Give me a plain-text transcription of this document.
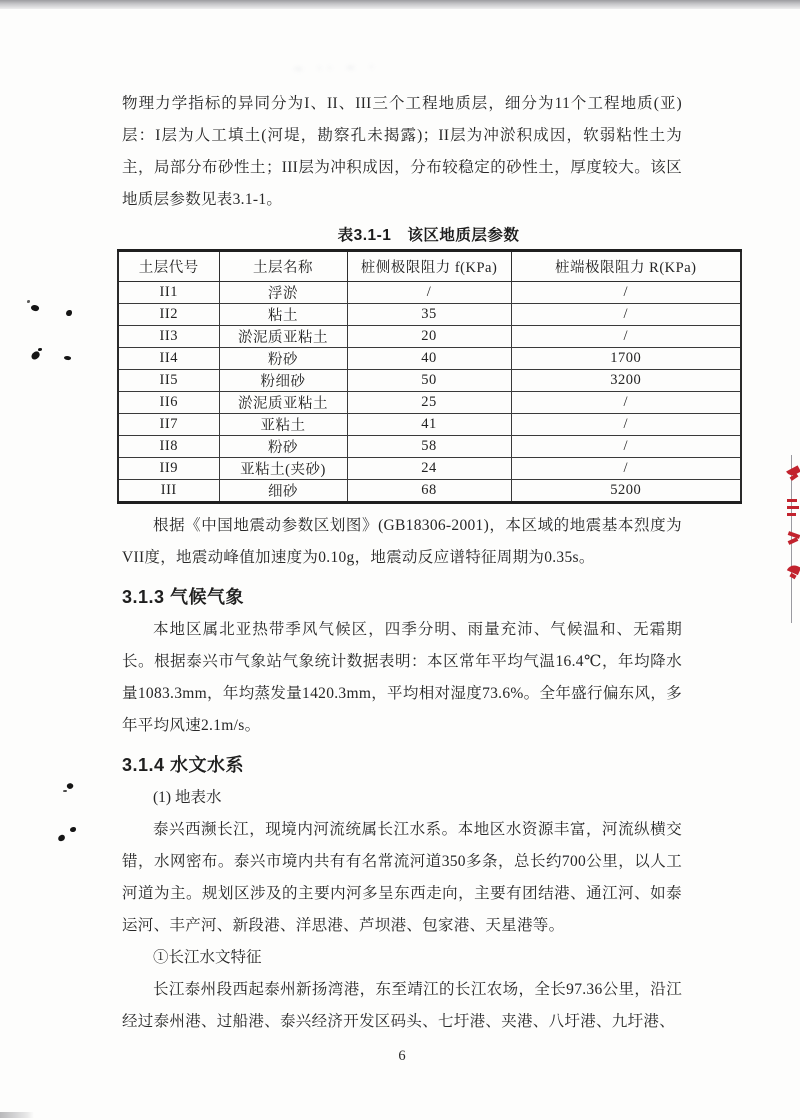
~ ·· ~ ·

物理力学指标的异同分为I、II、III三个工程地质层，细分为11个工程地质(亚)层：I层为人工填土(河堤，勘察孔未揭露)；II层为冲淤积成因，软弱粘性土为主，局部分布砂性土；III层为冲积成因，分布较稳定的砂性土，厚度较大。该区地质层参数见表3.1-1。

表3.1-1　该区地质层参数
土层代号	土层名称	桩侧极限阻力 f(KPa)	桩端极限阻力 R(KPa)
II1	浮淤	/	/
II2	粘土	35	/
II3	淤泥质亚粘土	20	/
II4	粉砂	40	1700
II5	粉细砂	50	3200
II6	淤泥质亚粘土	25	/
II7	亚粘土	41	/
II8	粉砂	58	/
II9	亚粘土(夹砂)	24	/
III	细砂	68	5200

根据《中国地震动参数区划图》(GB18306-2001)，本区域的地震基本烈度为VII度，地震动峰值加速度为0.10g，地震动反应谱特征周期为0.35s。

3.1.3 气候气象

本地区属北亚热带季风气候区，四季分明、雨量充沛、气候温和、无霜期长。根据泰兴市气象站气象统计数据表明：本区常年平均气温16.4℃，年均降水量1083.3mm，年均蒸发量1420.3mm，平均相对湿度73.6%。全年盛行偏东风，多年平均风速2.1m/s。

3.1.4 水文水系

(1) 地表水

泰兴西濒长江，现境内河流统属长江水系。本地区水资源丰富，河流纵横交错，水网密布。泰兴市境内共有有名常流河道350多条，总长约700公里，以人工河道为主。规划区涉及的主要内河多呈东西走向，主要有团结港、通江河、如泰运河、丰产河、新段港、洋思港、芦坝港、包家港、天星港等。

①长江水文特征

长江泰州段西起泰州新扬湾港，东至靖江的长江农场，全长97.36公里，沿江经过泰州港、过船港、泰兴经济开发区码头、七圩港、夹港、八圩港、九圩港、

6
